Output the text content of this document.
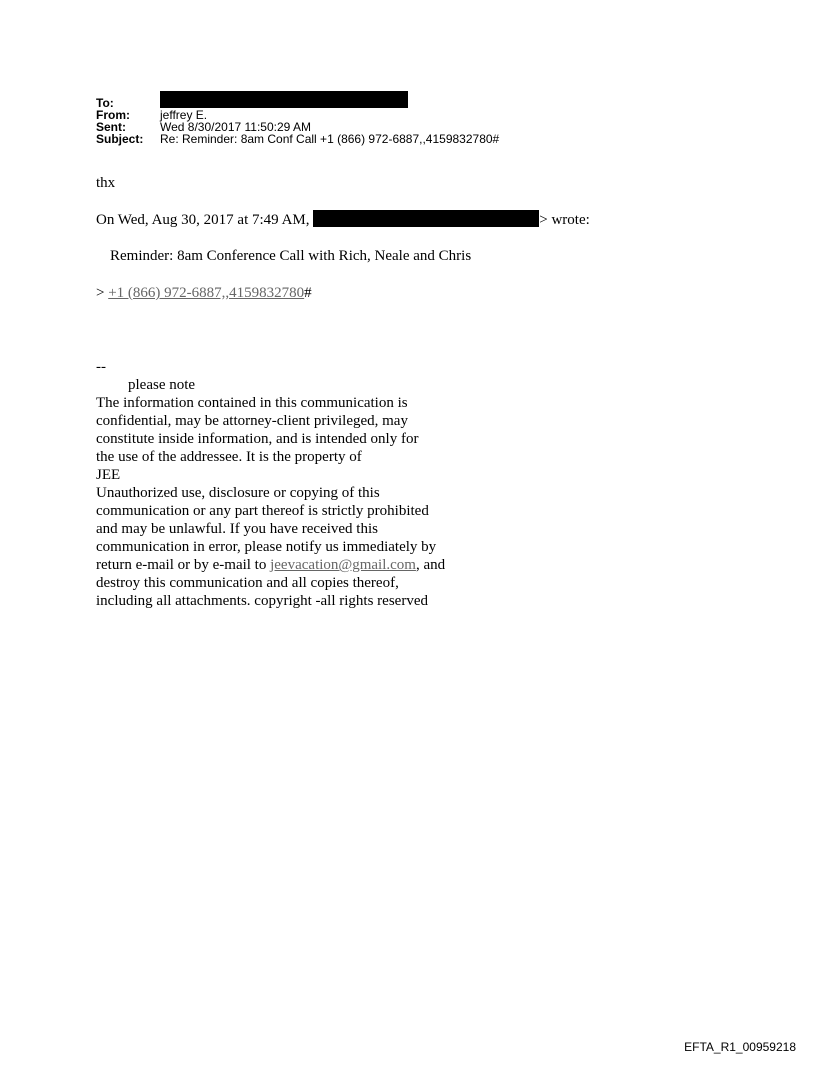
To:
From:	jeffrey E.
Sent:	Wed 8/30/2017 11:50:29 AM
Subject:	Re: Reminder: 8am Conf Call +1 (866) 972-6887,,4159832780#
thx
On Wed, Aug 30, 2017 at 7:49 AM,	> wrote:
Reminder: 8am Conference Call with Rich, Neale and Chris
> +1 (866) 972-6887,,4159832780#
--
please note
The information contained in this communication is
confidential, may be attorney-client privileged, may
constitute inside information, and is intended only for
the use of the addressee. It is the property of
JEE
Unauthorized use, disclosure or copying of this
communication or any part thereof is strictly prohibited
and may be unlawful. If you have received this
communication in error, please notify us immediately by
return e-mail or by e-mail to jeevacation@gmail.com, and
destroy this communication and all copies thereof,
including all attachments. copyright -all rights reserved
EFTA_R1_00959218
